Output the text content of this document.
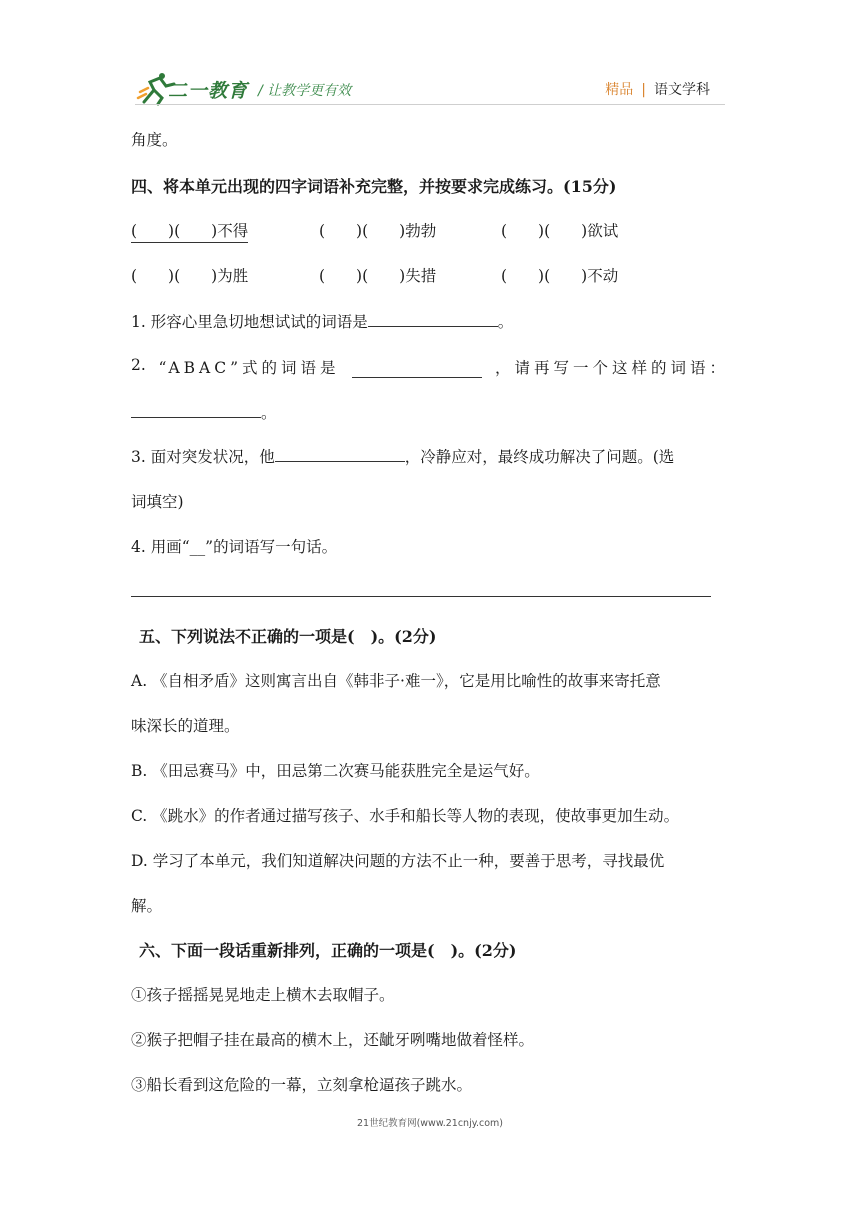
二一教育 / 让教学更有效	精品 | 语文学科
角度。
四、将本单元出现的四字词语补充完整，并按要求完成练习。(15分)
(　　)(　　)不得	(　　)(　　)勃勃	(　　)(　　)欲试
(　　)(　　)为胜	(　　)(　　)失措	(　　)(　　)不动
1. 形容心里急切地想试试的词语是	。
2. “ABAC”式的词语是	，请再写一个这样的词语：
。
3. 面对突发状况，他	，冷静应对，最终成功解决了问题。(选
词填空)
4. 用画“__”的词语写一句话。
五、下列说法不正确的一项是(　)。(2分)
A. 《自相矛盾》这则寓言出自《韩非子·难一》，它是用比喻性的故事来寄托意
味深长的道理。
B. 《田忌赛马》中，田忌第二次赛马能获胜完全是运气好。
C. 《跳水》的作者通过描写孩子、水手和船长等人物的表现，使故事更加生动。
D. 学习了本单元，我们知道解决问题的方法不止一种，要善于思考，寻找最优
解。
六、下面一段话重新排列，正确的一项是(　)。(2分)
①孩子摇摇晃晃地走上横木去取帽子。
②猴子把帽子挂在最高的横木上，还龇牙咧嘴地做着怪样。
③船长看到这危险的一幕，立刻拿枪逼孩子跳水。
21世纪教育网(www.21cnjy.com)
